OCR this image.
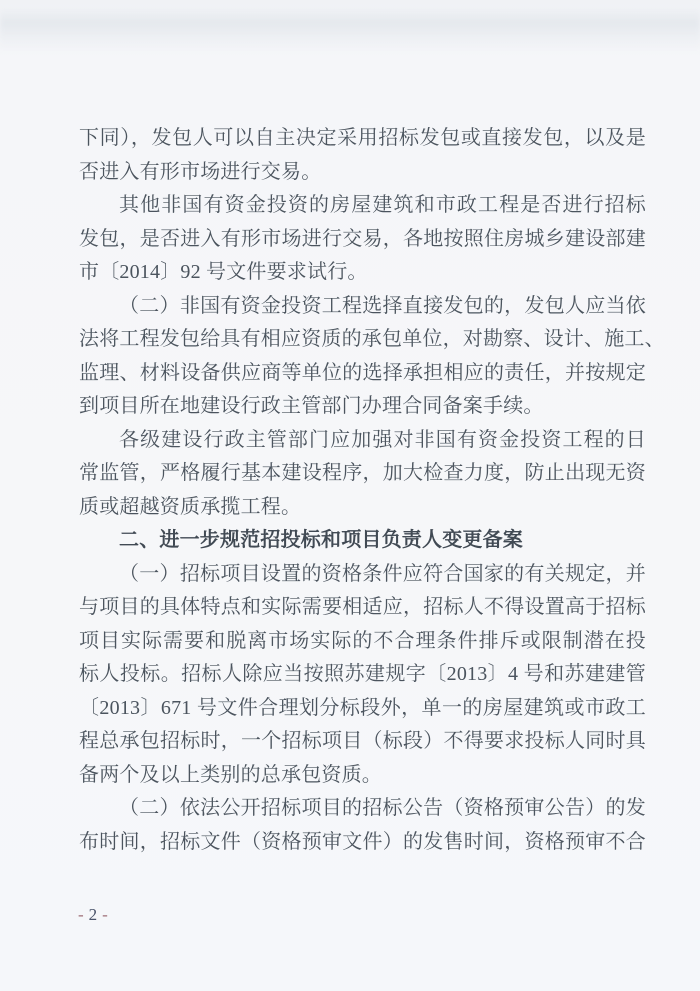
下同），发包人可以自主决定采用招标发包或直接发包，以及是
否进入有形市场进行交易。
其他非国有资金投资的房屋建筑和市政工程是否进行招标
发包，是否进入有形市场进行交易，各地按照住房城乡建设部建
市〔2014〕92 号文件要求试行。
（二）非国有资金投资工程选择直接发包的，发包人应当依
法将工程发包给具有相应资质的承包单位，对勘察、设计、施工、
监理、材料设备供应商等单位的选择承担相应的责任，并按规定
到项目所在地建设行政主管部门办理合同备案手续。
各级建设行政主管部门应加强对非国有资金投资工程的日
常监管，严格履行基本建设程序，加大检查力度，防止出现无资
质或超越资质承揽工程。
二、进一步规范招投标和项目负责人变更备案
（一）招标项目设置的资格条件应符合国家的有关规定，并
与项目的具体特点和实际需要相适应，招标人不得设置高于招标
项目实际需要和脱离市场实际的不合理条件排斥或限制潜在投
标人投标。招标人除应当按照苏建规字〔2013〕4 号和苏建建管
〔2013〕671 号文件合理划分标段外，单一的房屋建筑或市政工
程总承包招标时，一个招标项目（标段）不得要求投标人同时具
备两个及以上类别的总承包资质。
（二）依法公开招标项目的招标公告（资格预审公告）的发
布时间，招标文件（资格预审文件）的发售时间，资格预审不合
- 2 -
